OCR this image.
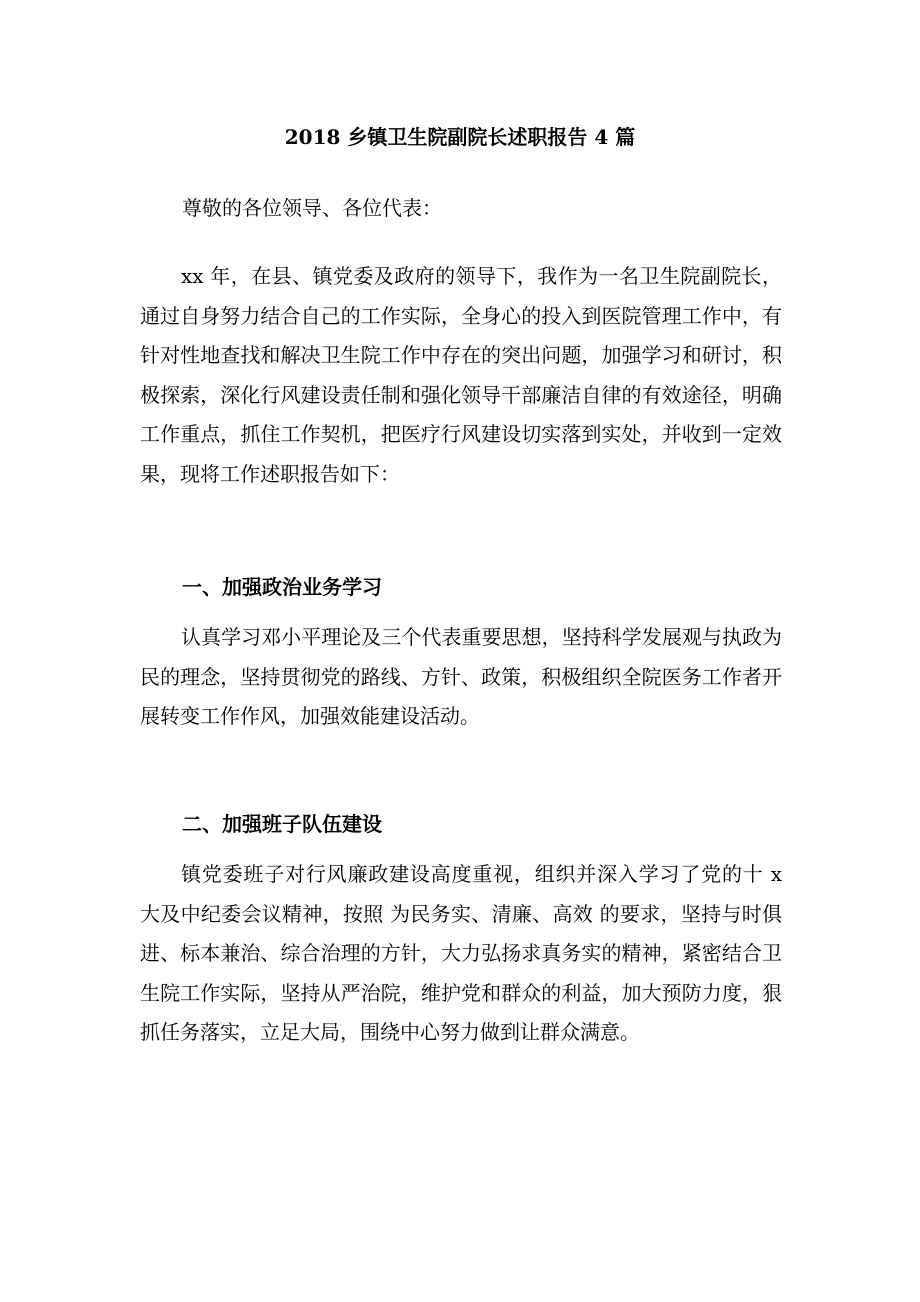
2018 乡镇卫生院副院长述职报告 4 篇

尊敬的各位领导、各位代表：

xx 年，在县、镇党委及政府的领导下，我作为一名卫生院副院长，通过自身努力结合自己的工作实际，全身心的投入到医院管理工作中，有针对性地查找和解决卫生院工作中存在的突出问题，加强学习和研讨，积极探索，深化行风建设责任制和强化领导干部廉洁自律的有效途径，明确工作重点，抓住工作契机，把医疗行风建设切实落到实处，并收到一定效果，现将工作述职报告如下：

一、加强政治业务学习

认真学习邓小平理论及三个代表重要思想，坚持科学发展观与执政为民的理念，坚持贯彻党的路线、方针、政策，积极组织全院医务工作者开展转变工作作风，加强效能建设活动。

二、加强班子队伍建设

镇党委班子对行风廉政建设高度重视，组织并深入学习了党的十 x 大及中纪委会议精神，按照 为民务实、清廉、高效 的要求，坚持与时俱进、标本兼治、综合治理的方针，大力弘扬求真务实的精神，紧密结合卫生院工作实际，坚持从严治院，维护党和群众的利益，加大预防力度，狠抓任务落实，立足大局，围绕中心努力做到让群众满意。
